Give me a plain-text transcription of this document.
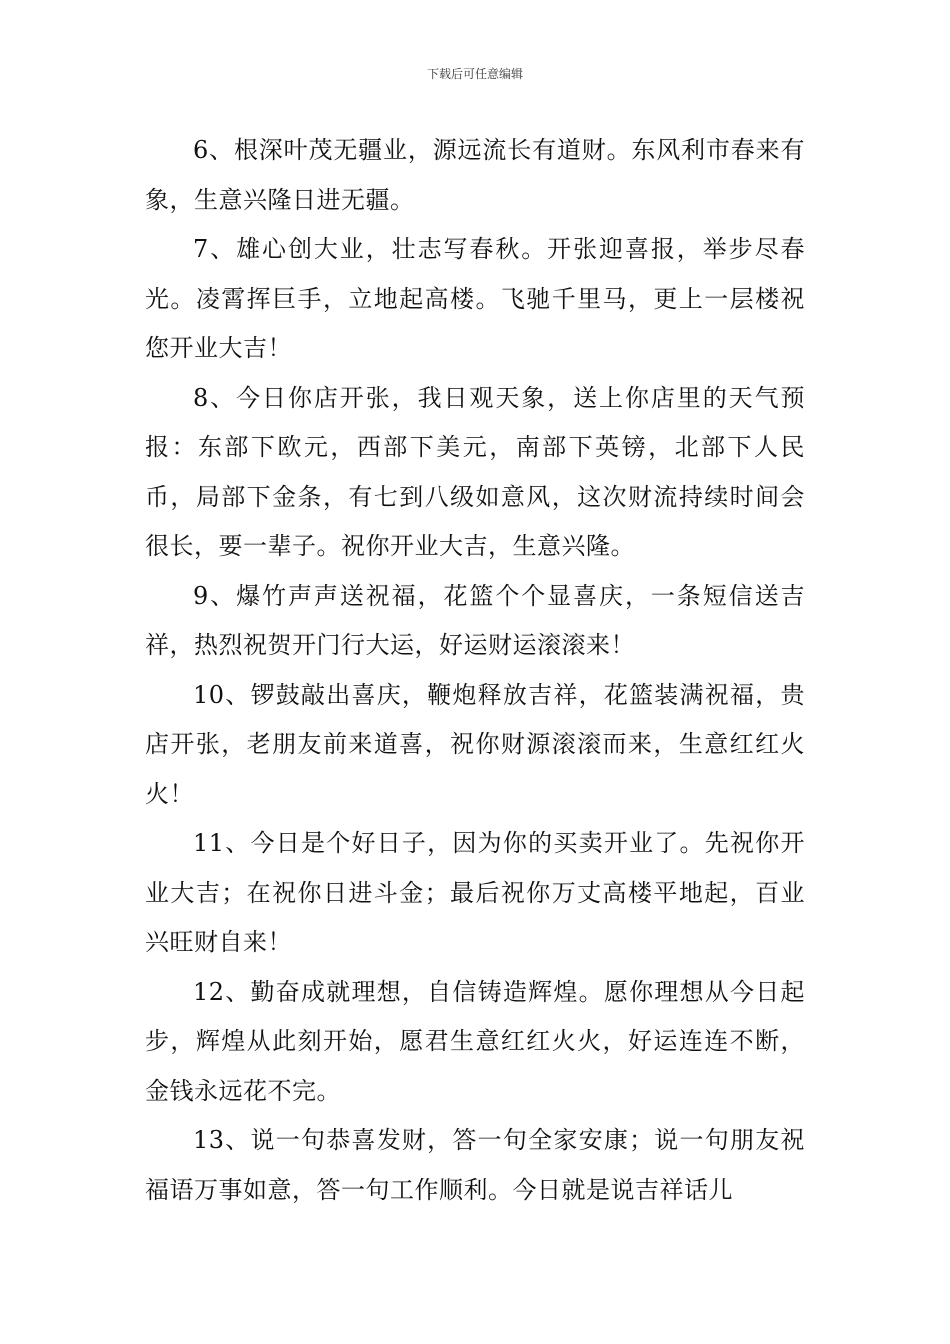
下载后可任意编辑

6、根深叶茂无疆业，源远流长有道财。东风利市春来有象，生意兴隆日进无疆。

7、雄心创大业，壮志写春秋。开张迎喜报，举步尽春光。凌霄挥巨手，立地起高楼。飞驰千里马，更上一层楼祝您开业大吉！

8、今日你店开张，我日观天象，送上你店里的天气预报：东部下欧元，西部下美元，南部下英镑，北部下人民币，局部下金条，有七到八级如意风，这次财流持续时间会很长，要一辈子。祝你开业大吉，生意兴隆。

9、爆竹声声送祝福，花篮个个显喜庆，一条短信送吉祥，热烈祝贺开门行大运，好运财运滚滚来！

10、锣鼓敲出喜庆，鞭炮释放吉祥，花篮装满祝福，贵店开张，老朋友前来道喜，祝你财源滚滚而来，生意红红火火！

11、今日是个好日子，因为你的买卖开业了。先祝你开业大吉；在祝你日进斗金；最后祝你万丈高楼平地起，百业兴旺财自来！

12、勤奋成就理想，自信铸造辉煌。愿你理想从今日起步，辉煌从此刻开始，愿君生意红红火火，好运连连不断，金钱永远花不完。

13、说一句恭喜发财，答一句全家安康；说一句朋友祝福语万事如意，答一句工作顺利。今日就是说吉祥话儿
